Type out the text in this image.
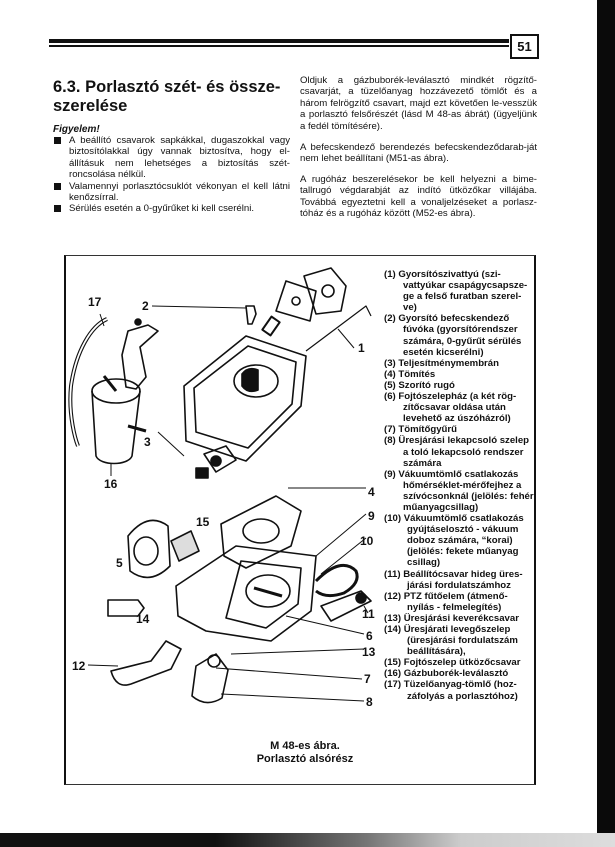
51
6.3. Porlasztó szét- és össze-szerelése
Figyelem!
A beállító csavarok sapkákkal, dugaszokkal vagy biztosítólakkal úgy vannak biztosítva, hogy el-állításuk nem lehetséges a biztosítás szét-roncsolása nélkül.
Valamennyi porlasztócsuklót vékonyan el kell látni kenőzsírral.
Sérülés esetén a 0-gyűrűket ki kell cserélni.

Oldjuk a gázbuborék-leválasztó mindkét rögzítő-csavarját, a tüzelőanyag hozzávezető tömlőt és a három felrögzítő csavart, majd ezt követően le-vesszük a porlasztó felsőrészét (lásd M 48-as ábrát) (ügyeljünk a fedél tömítésére).

A befecskendező berendezés befecskendeződarab-ját nem lehet beállítani (M51-as ábra).

A rugóház beszerelésekor be kell helyezni a bime-tallrugó végdarabját az indító ütközőkar villájába. Továbbá egyeztetni kell a vonaljelzéseket a porlasz-tóház és a rugóház között (M52-es ábra).

17	2
1
3
16
4
9
10
15
5
14	11
6
13
7
8
12
(1) Gyorsítószivattyú (szi-vattyúkar csapágycsapsze-ge a felső furatban szerel-ve)
(2) Gyorsító befecskendező fúvóka (gyorsítórendszer számára, 0-gyűrűt sérülés esetén kicserélni)
(3) Teljesítménymembrán
(4) Tömítés
(5) Szorító rugó
(6) Fojtószelepház (a két rög-zítőcsavar oldása után levehető az úszóházról)
(7) Tömítőgyűrű
(8) Üresjárási lekapcsoló szelep a toló lekapcsoló rendszer számára
(9) Vákuumtömlő csatlakozás hőmérséklet-mérőfejhez a szívócsonknál (jelölés: fehér műanyagcsillag)
(10) Vákuumtömlő csatlakozás gyújtáselosztó - vákuum doboz számára, “korai) (jelölés: fekete műanyag csillag)
(11) Beállítócsavar hideg üres-járási fordulatszámhoz
(12) PTZ fűtőelem (átmenő-nyílás - felmelegítés)
(13) Üresjárási keverékcsavar
(14) Üresjárati levegőszelep (üresjárási fordulatszám beállítására),
(15) Fojtószelep ütközőcsavar
(16) Gázbuborék-leválasztó
(17) Tüzelőanyag-tömlő (hoz-záfolyás a porlasztóhoz)
M 48-es ábra.
Porlasztó alsórész
